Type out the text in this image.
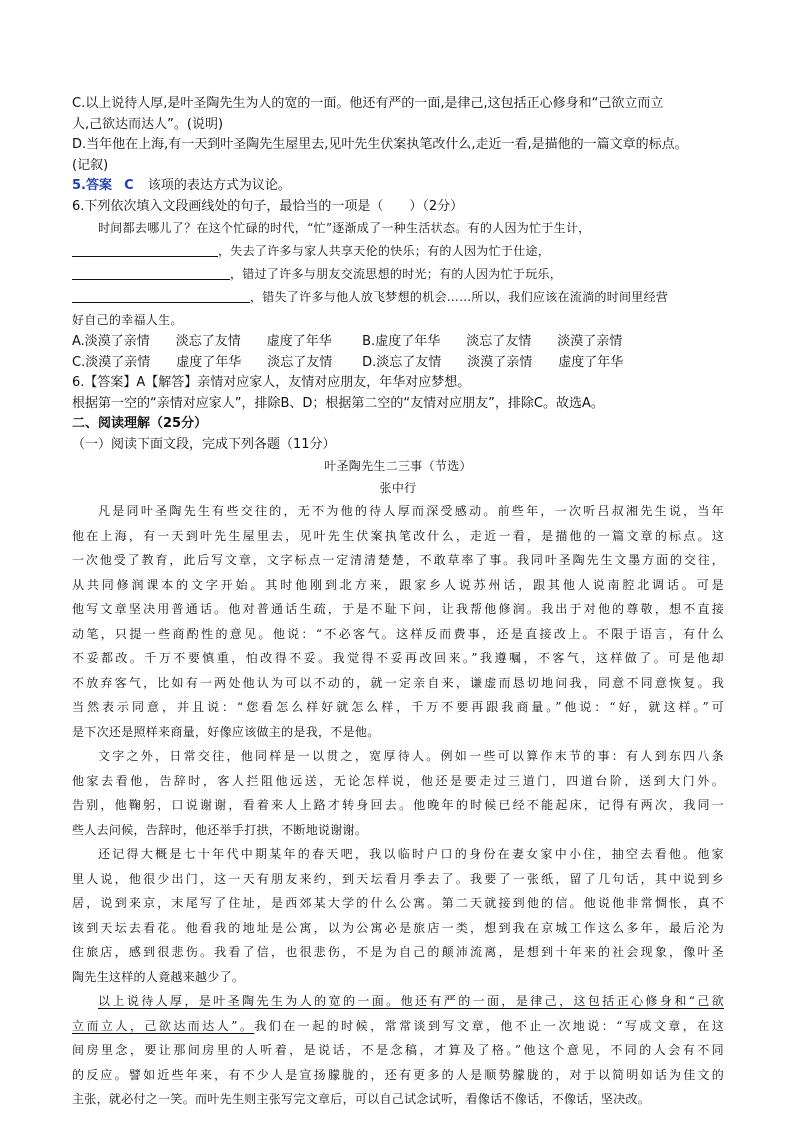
C.以上说待人厚,是叶圣陶先生为人的宽的一面。他还有严的一面,是律己,这包括正心修身和“己欲立而立
人,己欲达而达人”。(说明)
D.当年他在上海,有一天到叶圣陶先生屋里去,见叶先生伏案执笔改什么,走近一看,是描他的一篇文章的标点。
(记叙)
5.答案 C 该项的表达方式为议论。
6.下列依次填入文段画线处的句子，最恰当的一项是（　　）（2分）
时间都去哪儿了？在这个忙碌的时代，“忙”逐渐成了一种生活状态。有的人因为忙于生计，
，失去了许多与家人共享天伦的快乐；有的人因为忙于仕途，
，错过了许多与朋友交流思想的时光；有的人因为忙于玩乐，
，错失了许多与他人放飞梦想的机会……所以，我们应该在流淌的时间里经营
好自己的幸福人生。
A.淡漠了亲情　　淡忘了友情　　虚度了年华 B.虚度了年华　　淡忘了友情　　淡漠了亲情
C.淡漠了亲情　　虚度了年华　　淡忘了友情 D.淡忘了友情　　淡漠了亲情　　虚度了年华
6.【答案】A【解答】亲情对应家人，友情对应朋友，年华对应梦想。
根据第一空的“亲情对应家人”，排除B、D；根据第二空的“友情对应朋友”，排除C。故选A。
二、阅读理解（25分）
（一）阅读下面文段，完成下列各题（11分）
叶圣陶先生二三事（节选）
张中行
凡是同叶圣陶先生有些交往的，无不为他的待人厚而深受感动。前些年，一次听吕叔湘先生说，当年
他在上海，有一天到叶先生屋里去，见叶先生伏案执笔改什么，走近一看，是描他的一篇文章的标点。这
一次他受了教育，此后写文章，文字标点一定清清楚楚，不敢草率了事。我同叶圣陶先生文墨方面的交往，
从共同修润课本的文字开始。其时他刚到北方来，跟家乡人说苏州话，跟其他人说南腔北调话。可是
他写文章坚决用普通话。他对普通话生疏，于是不耻下问，让我帮他修润。我出于对他的尊敬，想不直接
动笔，只提一些商酌性的意见。他说：“不必客气。这样反而费事，还是直接改上。不限于语言，有什么
不妥都改。千万不要慎重，怕改得不妥。我觉得不妥再改回来。”我遵嘱，不客气，这样做了。可是他却
不放弃客气，比如有一两处他认为可以不动的，就一定亲自来，谦虚而恳切地问我，同意不同意恢复。我
当然表示同意，并且说：“您看怎么样好就怎么样，千万不要再跟我商量。”他说：“好，就这样。”可
是下次还是照样来商量，好像应该做主的是我，不是他。
文字之外，日常交往，他同样是一以贯之，宽厚待人。例如一些可以算作末节的事：有人到东四八条
他家去看他，告辞时，客人拦阻他远送，无论怎样说，他还是要走过三道门，四道台阶，送到大门外。
告别，他鞠躬，口说谢谢，看着来人上路才转身回去。他晚年的时候已经不能起床，记得有两次，我同一
些人去问候，告辞时，他还举手打拱，不断地说谢谢。
还记得大概是七十年代中期某年的春天吧，我以临时户口的身份在妻女家中小住，抽空去看他。他家
里人说，他很少出门，这一天有朋友来约，到天坛看月季去了。我要了一张纸，留了几句话，其中说到乡
居，说到来京，末尾写了住址，是西郊某大学的什么公寓。第二天就接到他的信。他说他非常惆怅，真不
该到天坛去看花。他看我的地址是公寓，以为公寓必是旅店一类，想到我在京城工作这么多年，最后沦为
住旅店，感到很悲伤。我看了信，也很悲伤，不是为自己的颠沛流离，是想到十年来的社会现象，像叶圣
陶先生这样的人竟越来越少了。
以上说待人厚，是叶圣陶先生为人的宽的一面。他还有严的一面，是律己，这包括正心修身和“己欲
立而立人，己欲达而达人”。我们在一起的时候，常常谈到写文章，他不止一次地说：“写成文章，在这
间房里念，要让那间房里的人听着，是说话，不是念稿，才算及了格。”他这个意见，不同的人会有不同
的反应。譬如近些年来，有不少人是宣扬朦胧的，还有更多的人是顺势朦胧的，对于以简明如话为佳文的
主张，就必付之一笑。而叶先生则主张写完文章后，可以自己试念试听，看像话不像话，不像话，坚决改。
